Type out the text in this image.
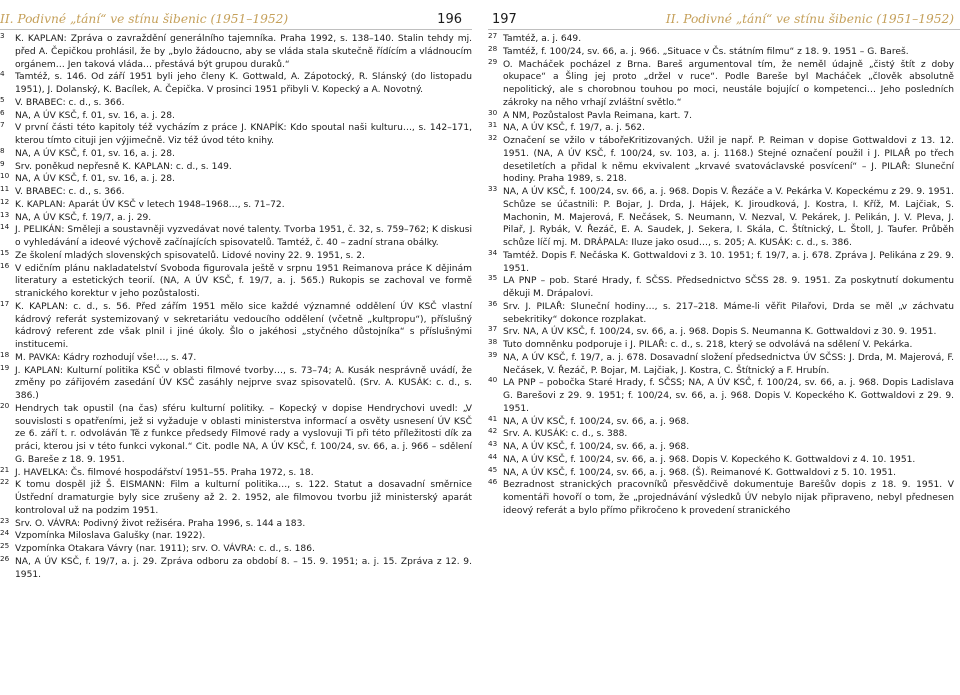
II. Podivné „tání“ ve stínu šibenic (1951–1952)	196
3	K. KAPLAN: Zpráva o zavraždění generálního tajemníka. Praha 1992, s. 138–140. Stalin tehdy mj. před A. Čepičkou prohlásil, že by „bylo žádoucno, aby se vláda stala skutečně řídícím a vládnoucím orgánem… Jen taková vláda… přestává být grupou duraků.“
4	Tamtéž, s. 146. Od září 1951 byli jeho členy K. Gottwald, A. Zápotocký, R. Slánský (do listopadu 1951), J. Dolanský, K. Bacílek, A. Čepička. V prosinci 1951 přibyli V. Kopecký a A. Novotný.
5	V. BRABEC: c. d., s. 366.
6	NA, A ÚV KSČ, f. 01, sv. 16, a. j. 28.
7	V první části této kapitoly též vycházím z práce J. KNAPÍK: Kdo spoutal naši kulturu…, s. 142–171, kterou tímto cituji jen výjimečně. Viz též úvod této knihy.
8	NA, A ÚV KSČ, f. 01, sv. 16, a. j. 28.
9	Srv. poněkud nepřesně K. KAPLAN: c. d., s. 149.
10 NA, A ÚV KSČ, f. 01, sv. 16, a. j. 28.
11 V. BRABEC: c. d., s. 366.
12 K. KAPLAN: Aparát ÚV KSČ v letech 1948–1968…, s. 71–72.
13 NA, A ÚV KSČ, f. 19/7, a. j. 29.
14 J. PELIKÁN: Směleji a soustavněji vyzvedávat nové talenty. Tvorba 1951, č. 32, s. 759–762; K diskusi o vyhledávání a ideové výchově začínajících spisovatelů. Tamtéž, č. 40 – zadní strana obálky.
15 Ze školení mladých slovenských spisovatelů. Lidové noviny 22. 9. 1951, s. 2.
16 V edičním plánu nakladatelství Svoboda figurovala ještě v srpnu 1951 Reimanova práce K dějinám literatury a estetických teorií. (NA, A ÚV KSČ, f. 19/7, a. j. 565.) Rukopis se zachoval ve formě stranického korektur v jeho pozůstalosti.
17 K. KAPLAN: c. d., s. 56. Před zářím 1951 mělo sice každé významné oddělení ÚV KSČ vlastní kádrový referát systemizovaný v sekretariátu vedoucího oddělení (včetně „kultpropu“), příslušný kádrový referent zde však plnil i jiné úkoly. Šlo o jakéhosi „styčného důstojníka“ s příslušnými institucemi.
18 M. PAVKA: Kádry rozhodují vše!…, s. 47.
19 J. KAPLAN: Kulturní politika KSČ v oblasti filmové tvorby…, s. 73–74; A. Kusák nesprávně uvádí, že změny po zářijovém zasedání ÚV KSČ zasáhly nejprve svaz spisovatelů. (Srv. A. KUSÁK: c. d., s. 386.)
20 Hendrych tak opustil (na čas) sféru kulturní politiky. – Kopecký v dopise Hendrychovi uvedl: „V souvislosti s opatřeními, jež si vyžaduje v oblasti ministerstva informací a osvěty usnesení ÚV KSČ ze 6. září t. r. odvoláván Tě z funkce předsedy Filmové rady a vyslovuji Ti při této příležitosti dík za práci, kterou jsi v této funkci vykonal.“ Cit. podle NA, A ÚV KSČ, f. 100/24, sv. 66, a. j. 966 – sdělení G. Bareše z 18. 9. 1951.
21 J. HAVELKA: Čs. filmové hospodářství 1951–55. Praha 1972, s. 18.
22 K tomu dospěl již Š. EISMANN: Film a kulturní politika…, s. 122. Statut a dosavadní směrnice Ústřední dramaturgie byly sice zrušeny až 2. 2. 1952, ale filmovou tvorbu již ministerský aparát kontroloval už na podzim 1951.
23 Srv. O. VÁVRA: Podivný život režiséra. Praha 1996, s. 144 a 183.
24 Vzpomínka Miloslava Galušky (nar. 1922).
25 Vzpomínka Otakara Vávry (nar. 1911); srv. O. VÁVRA: c. d., s. 186.
26 NA, A ÚV KSČ, f. 19/7, a. j. 29. Zpráva odboru za období 8. – 15. 9. 1951; a. j. 15. Zpráva z 12. 9. 1951.
197	II. Podivné „tání“ ve stínu šibenic (1951–1952)
27 Tamtéž, a. j. 649.
28 Tamtéž, f. 100/24, sv. 66, a. j. 966. „Situace v Čs. státním filmu“ z 18. 9. 1951 – G. Bareš.
29 O. Macháček pocházel z Brna. Bareš argumentoval tím, že neměl údajně „čistý štít z doby okupace“ a Šling jej proto „držel v ruce“. Podle Bareše byl Macháček „člověk absolutně nepolitický, ale s chorobnou touhou po moci, neustále bojující o kompetenci… Jeho posledních zákroky na něho vrhají zvláštní světlo.“
30 A NM, Pozůstalost Pavla Reimana, kart. 7.
31 NA, A ÚV KSČ, f. 19/7, a. j. 562.
32 Označení se vžilo v tábořeKritizovaných. Užil je např. P. Reiman v dopise Gottwaldovi z 13. 12. 1951. (NA, A ÚV KSČ, f. 100/24, sv. 103, a. j. 1168.) Stejné označení použil i J. PILAŘ po třech desetiletích a přidal k němu ekvivalent „krvavé svatováclavské posvícení“ – J. PILAŘ: Sluneční hodiny. Praha 1989, s. 218.
33 NA, A ÚV KSČ, f. 100/24, sv. 66, a. j. 968. Dopis V. Řezáče a V. Pekárka V. Kopeckému z 29. 9. 1951. Schůze se účastnili: P. Bojar, J. Drda, J. Hájek, K. Jiroudková, J. Kostra, I. Kříž, M. Lajčiak, S. Machonin, M. Majerová, F. Nečásek, S. Neumann, V. Nezval, V. Pekárek, J. Pelikán, J. V. Pleva, J. Pilař, J. Rybák, V. Řezáč, E. A. Saudek, J. Sekera, I. Skála, C. Štítnický, L. Štoll, J. Taufer. Průběh schůze líčí mj. M. DRÁPALA: Iluze jako osud…, s. 205; A. KUSÁK: c. d., s. 386.
34 Tamtéž. Dopis F. Nečáska K. Gottwaldovi z 3. 10. 1951; f. 19/7, a. j. 678. Zpráva J. Pelikána z 29. 9. 1951.
35 LA PNP – pob. Staré Hrady, f. SČSS. Předsednictvo SČSS 28. 9. 1951. Za poskytnutí dokumentu děkuji M. Drápalovi.
36 Srv. J. PILAŘ: Sluneční hodiny…, s. 217–218. Máme-li věřit Pilařovi, Drda se měl „v záchvatu sebekritiky“ dokonce rozplakat.
37 Srv. NA, A ÚV KSČ, f. 100/24, sv. 66, a. j. 968. Dopis S. Neumanna K. Gottwaldovi z 30. 9. 1951.
38 Tuto domněnku podporuje i J. PILAŘ: c. d., s. 218, který se odvolává na sdělení V. Pekárka.
39 NA, A ÚV KSČ, f. 19/7, a. j. 678. Dosavadní složení předsednictva ÚV SČSS: J. Drda, M. Majerová, F. Nečásek, V. Řezáč, P. Bojar, M. Lajčiak, J. Kostra, C. Štítnický a F. Hrubín.
40 LA PNP – pobočka Staré Hrady, f. SČSS; NA, A ÚV KSČ, f. 100/24, sv. 66, a. j. 968. Dopis Ladislava G. Barešovi z 29. 9. 1951; f. 100/24, sv. 66, a. j. 968. Dopis V. Kopeckého K. Gottwaldovi z 29. 9. 1951.
41 NA, A ÚV KSČ, f. 100/24, sv. 66, a. j. 968.
42 Srv. A. KUSÁK: c. d., s. 388.
43 NA, A ÚV KSČ, f. 100/24, sv. 66, a. j. 968.
44 NA, A ÚV KSČ, f. 100/24, sv. 66, a. j. 968. Dopis V. Kopeckého K. Gottwaldovi z 4. 10. 1951.
45 NA, A ÚV KSČ, f. 100/24, sv. 66, a. j. 968. (Š). Reimanové K. Gottwaldovi z 5. 10. 1951.
46 Bezradnost stranických pracovníků přesvědčivě dokumentuje Barešův dopis z 18. 9. 1951. V komentáři hovoří o tom, že „projednávání výsledků ÚV nebylo nijak připraveno, nebyl přednesen ideový referát a bylo přímo přikročeno k provedení stranického
